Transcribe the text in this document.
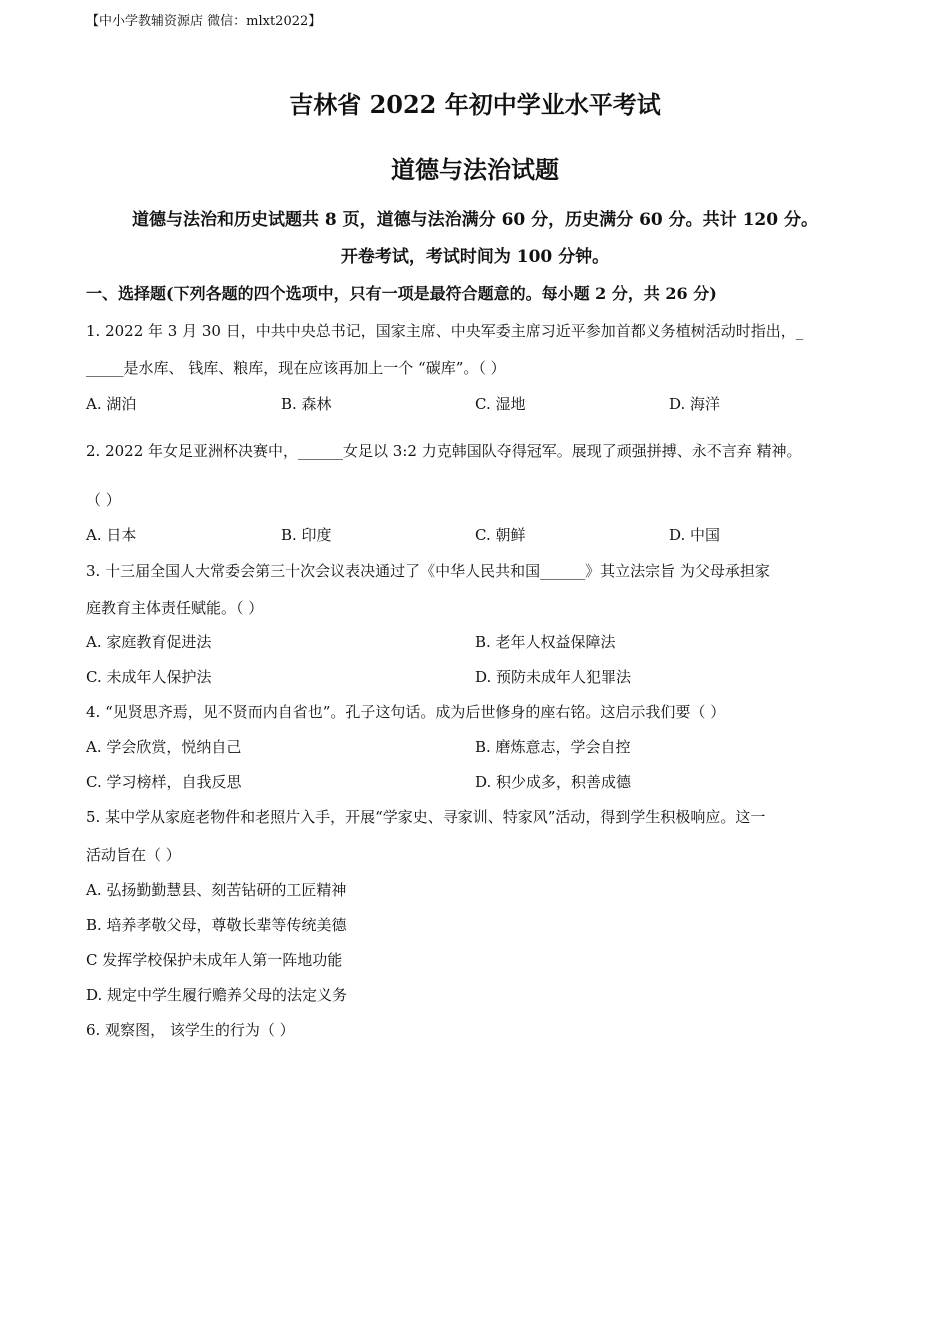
【中小学教辅资源店 微信：mlxt2022】
吉林省 2022 年初中学业水平考试
道德与法治试题
道德与法治和历史试题共 8 页，道德与法治满分 60 分，历史满分 60 分。共计 120 分。
开卷考试，考试时间为 100 分钟。
一、选择题(下列各题的四个选项中，只有一项是最符合题意的。每小题 2 分，共 26 分)
1. 2022 年 3 月 30 日，中共中央总书记，国家主席、中央军委主席习近平参加首都义务植树活动时指出，_
_____是水库、 钱库、粮库，现在应该再加上一个 “碳库”。（ ）
A. 湖泊	B. 森林	C. 湿地	D. 海洋
2. 2022 年女足亚洲杯决赛中，______女足以 3:2 力克韩国队夺得冠军。展现了顽强拼搏、永不言弃 精神。
（ ）
A. 日本	B. 印度	C. 朝鲜	D. 中国
3. 十三届全国人大常委会第三十次会议表决通过了《中华人民共和国______》其立法宗旨 为父母承担家
庭教育主体责任赋能。（ ）
A. 家庭教育促进法	B. 老年人权益保障法
C. 未成年人保护法	D. 预防未成年人犯罪法
4. “见贤思齐焉，见不贤而内自省也”。孔子这句话。成为后世修身的座右铭。这启示我们要（ ）
A. 学会欣赏，悦纳自己	B. 磨炼意志，学会自控
C. 学习榜样，自我反思	D. 积少成多，积善成德
5. 某中学从家庭老物件和老照片入手，开展“学家史、寻家训、特家风”活动，得到学生积极响应。这一
活动旨在（ ）
A. 弘扬勤勤慧县、刻苦钻研的工匠精神
B. 培养孝敬父母，尊敬长辈等传统美德
C 发挥学校保护未成年人第一阵地功能
D. 规定中学生履行赡养父母的法定义务
6. 观察图， 该学生的行为（ ）
